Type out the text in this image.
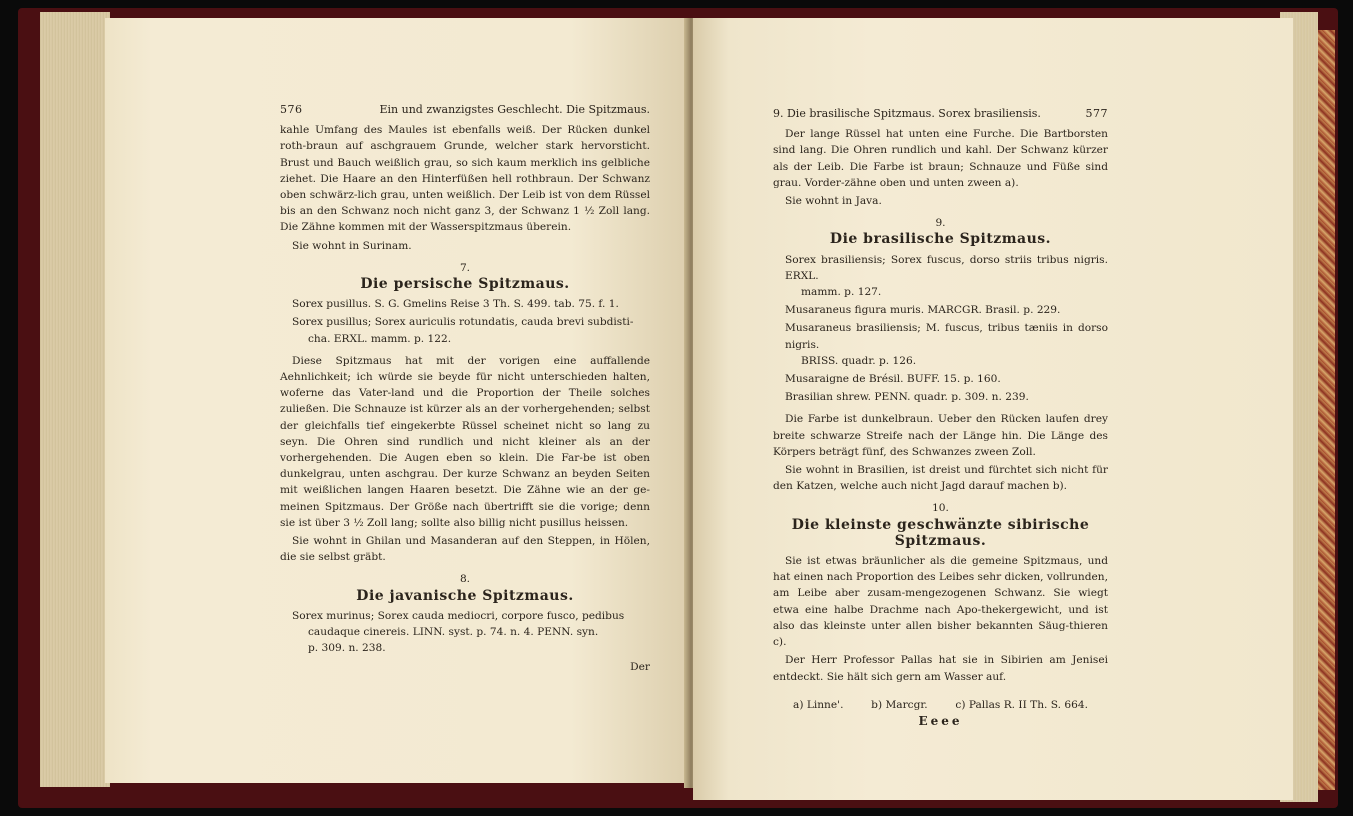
576	Ein und zwanzigstes Geschlecht. Die Spitzmaus.

kahle Umfang des Maules ist ebenfalls weiß. Der Rücken dunkel roth-braun auf aschgrauem Grunde, welcher stark hervorsticht. Brust und Bauch weißlich grau, so sich kaum merklich ins gelbliche ziehet. Die Haare an den Hinterfüßen hell rothbraun. Der Schwanz oben schwärz-lich grau, unten weißlich. Der Leib ist von dem Rüssel bis an den Schwanz noch nicht ganz 3, der Schwanz 1 ½ Zoll lang. Die Zähne kommen mit der Wasserspitzmaus überein.

Sie wohnt in Surinam.

7.
Die persische Spitzmaus.

Sorex pusillus. S. G. Gmelins Reise 3 Th. S. 499. tab. 75. f. 1.

Sorex pusillus; Sorex auriculis rotundatis, cauda brevi subdisti-

cha. ERXL. mamm. p. 122.

Diese Spitzmaus hat mit der vorigen eine auffallende Aehnlichkeit; ich würde sie beyde für nicht unterschieden halten, woferne das Vater-land und die Proportion der Theile solches zuließen. Die Schnauze ist kürzer als an der vorhergehenden; selbst der gleichfalls tief eingekerbte Rüssel scheinet nicht so lang zu seyn. Die Ohren sind rundlich und nicht kleiner als an der vorhergehenden. Die Augen eben so klein. Die Far-be ist oben dunkelgrau, unten aschgrau. Der kurze Schwanz an beyden Seiten mit weißlichen langen Haaren besetzt. Die Zähne wie an der ge-meinen Spitzmaus. Der Größe nach übertrifft sie die vorige; denn sie ist über 3 ½ Zoll lang; sollte also billig nicht pusillus heissen.

Sie wohnt in Ghilan und Masanderan auf den Steppen, in Hölen, die sie selbst gräbt.

8.
Die javanische Spitzmaus.

Sorex murinus; Sorex cauda mediocri, corpore fusco, pedibus

caudaque cinereis. LINN. syst. p. 74. n. 4. PENN. syn.

p. 309. n. 238.

Der
9. Die brasilische Spitzmaus. Sorex brasiliensis.	577

Der lange Rüssel hat unten eine Furche. Die Bartborsten sind lang. Die Ohren rundlich und kahl. Der Schwanz kürzer als der Leib. Die Farbe ist braun; Schnauze und Füße sind grau. Vorder-zähne oben und unten zween a).

Sie wohnt in Java.

9.
Die brasilische Spitzmaus.

Sorex brasiliensis; Sorex fuscus, dorso striis tribus nigris. ERXL.

mamm. p. 127.

Musaraneus figura muris. MARCGR. Brasil. p. 229.

Musaraneus brasiliensis; M. fuscus, tribus tæniis in dorso nigris.

BRISS. quadr. p. 126.

Musaraigne de Brésil. BUFF. 15. p. 160.

Brasilian shrew. PENN. quadr. p. 309. n. 239.

Die Farbe ist dunkelbraun. Ueber den Rücken laufen drey breite schwarze Streife nach der Länge hin. Die Länge des Körpers beträgt fünf, des Schwanzes zween Zoll.

Sie wohnt in Brasilien, ist dreist und fürchtet sich nicht für den Katzen, welche auch nicht Jagd darauf machen b).

10.
Die kleinste geschwänzte sibirische Spitzmaus.

Sie ist etwas bräunlicher als die gemeine Spitzmaus, und hat einen nach Proportion des Leibes sehr dicken, vollrunden, am Leibe aber zusam-mengezogenen Schwanz. Sie wiegt etwa eine halbe Drachme nach Apo-thekergewicht, und ist also das kleinste unter allen bisher bekannten Säug-thieren c).

Der Herr Professor Pallas hat sie in Sibirien am Jenisei entdeckt. Sie hält sich gern am Wasser auf.

a) Linne'.	b) Marcgr.	c) Pallas R. II Th. S. 664.
Eeee
